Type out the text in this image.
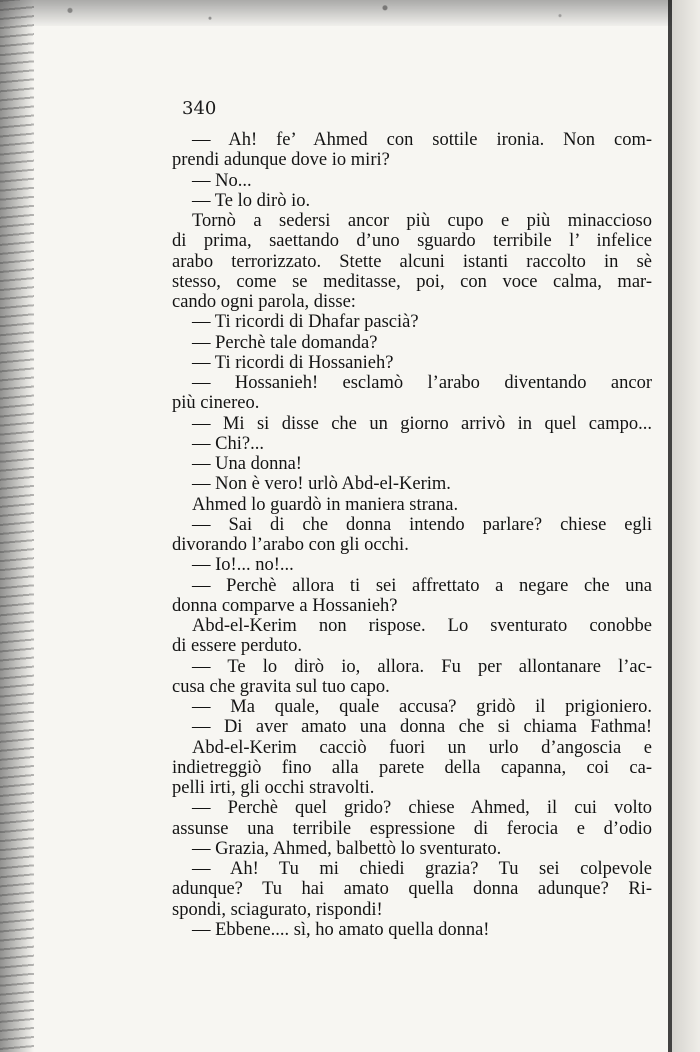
340
— Ah! fe’ Ahmed con sottile ironia. Non com-
prendi adunque dove io miri?
— No...
— Te lo dirò io.
Tornò a sedersi ancor più cupo e più minaccioso
di prima, saettando d’uno sguardo terribile l’ infelice
arabo terrorizzato. Stette alcuni istanti raccolto in sè
stesso, come se meditasse, poi, con voce calma, mar-
cando ogni parola, disse:
— Ti ricordi di Dhafar pascià?
— Perchè tale domanda?
— Ti ricordi di Hossanieh?
— Hossanieh! esclamò l’arabo diventando ancor
più cinereo.
— Mi si disse che un giorno arrivò in quel campo...
— Chi?...
— Una donna!
— Non è vero! urlò Abd-el-Kerim.
Ahmed lo guardò in maniera strana.
— Sai di che donna intendo parlare? chiese egli
divorando l’arabo con gli occhi.
— Io!... no!...
— Perchè allora ti sei affrettato a negare che una
donna comparve a Hossanieh?
Abd-el-Kerim non rispose. Lo sventurato conobbe
di essere perduto.
— Te lo dirò io, allora. Fu per allontanare l’ac-
cusa che gravita sul tuo capo.
— Ma quale, quale accusa? gridò il prigioniero.
— Di aver amato una donna che si chiama Fathma!
Abd-el-Kerim cacciò fuori un urlo d’angoscia e
indietreggiò fino alla parete della capanna, coi ca-
pelli irti, gli occhi stravolti.
— Perchè quel grido? chiese Ahmed, il cui volto
assunse una terribile espressione di ferocia e d’odio
— Grazia, Ahmed, balbettò lo sventurato.
— Ah! Tu mi chiedi grazia? Tu sei colpevole
adunque? Tu hai amato quella donna adunque? Ri-
spondi, sciagurato, rispondi!
— Ebbene.... sì, ho amato quella donna!
